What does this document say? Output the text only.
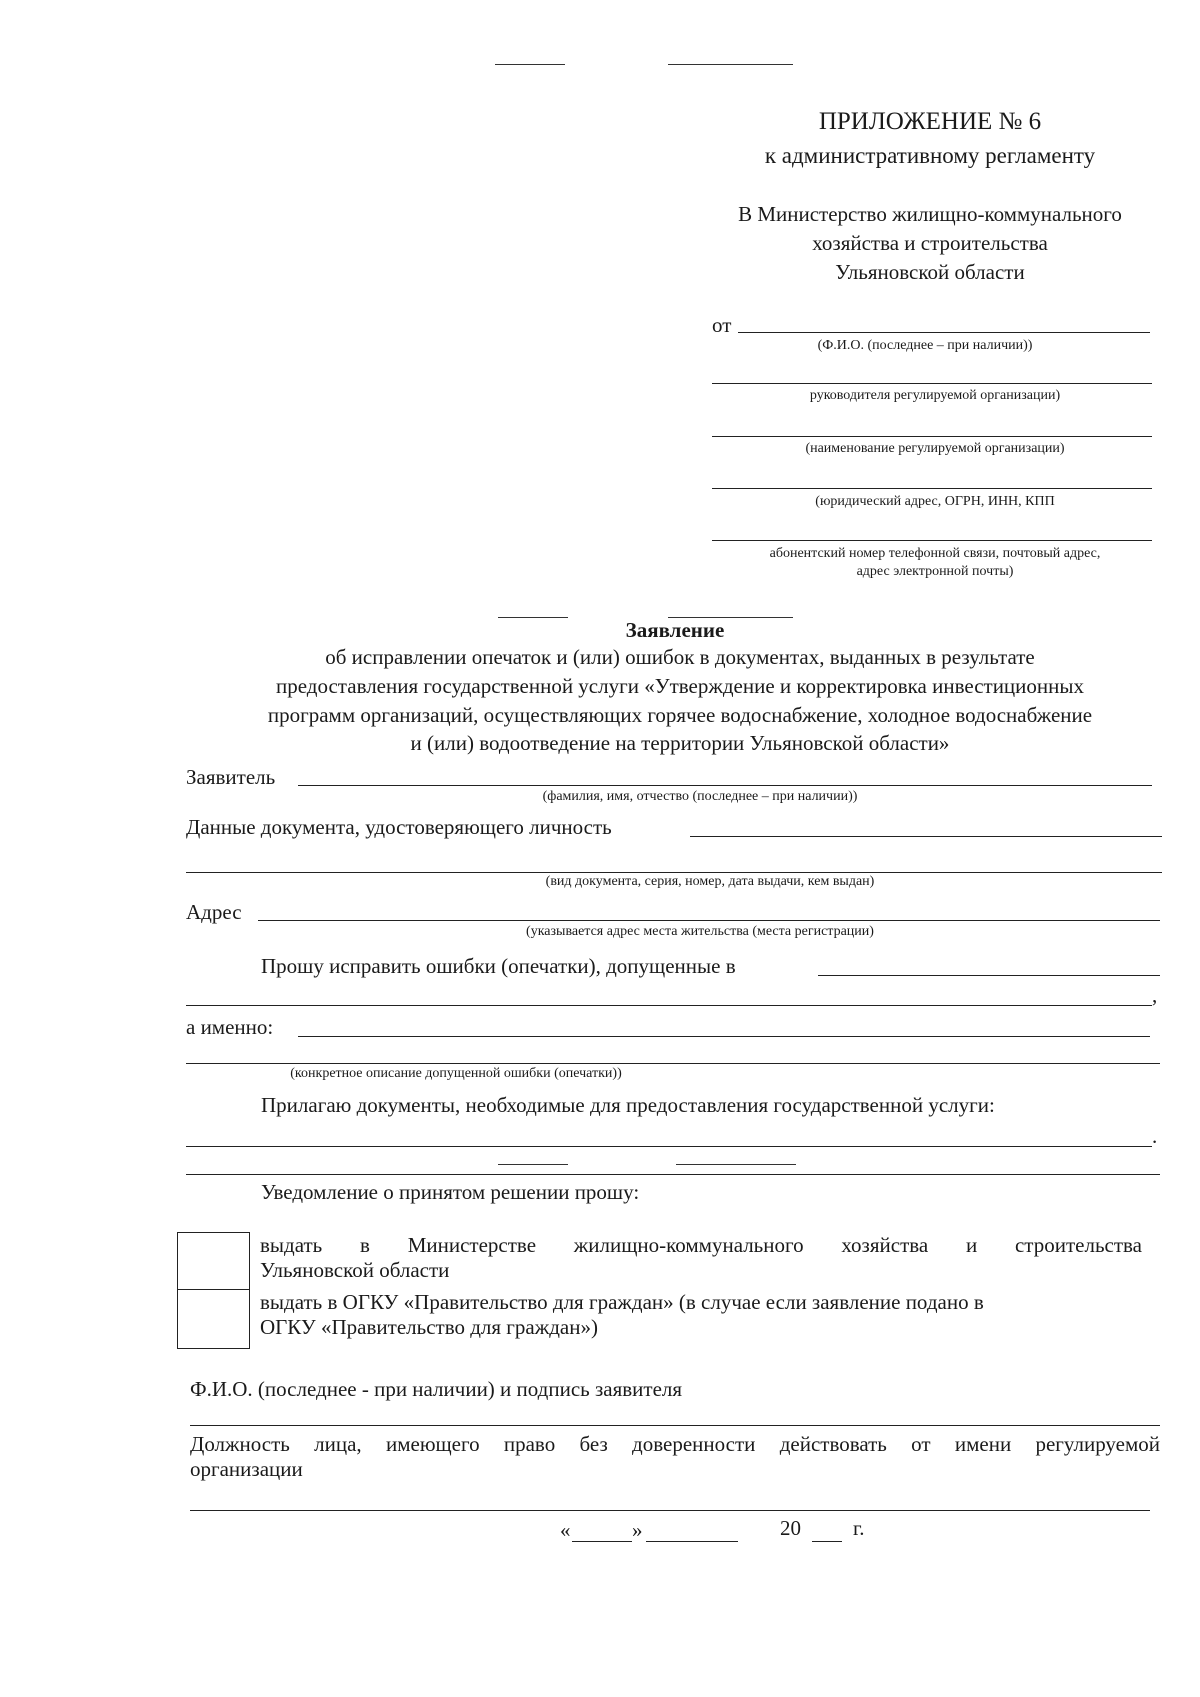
ПРИЛОЖЕНИЕ № 6
к административному регламенту
В Министерство жилищно-коммунального
хозяйства и строительства
Ульяновской области
от
(Ф.И.О. (последнее – при наличии))
руководителя регулируемой организации)
(наименование регулируемой организации)
(юридический адрес, ОГРН, ИНН, КПП
абонентский номер телефонной связи, почтовый адрес,
адрес электронной почты)
Заявление
об исправлении опечаток и (или) ошибок в документах, выданных в результате
предоставления государственной услуги «Утверждение и корректировка инвестиционных
программ организаций, осуществляющих горячее водоснабжение, холодное водоснабжение
и (или) водоотведение на территории Ульяновской области»
Заявитель
(фамилия, имя, отчество (последнее – при наличии))
Данные документа, удостоверяющего личность
(вид документа, серия, номер, дата выдачи, кем выдан)
Адрес
(указывается адрес места жительства (места регистрации)
Прошу исправить ошибки (опечатки), допущенные в
,
а именно:
(конкретное описание допущенной ошибки (опечатки))
Прилагаю документы, необходимые для предоставления государственной услуги:
.
Уведомление о принятом решении прошу:
выдать в Министерстве жилищно-коммунального хозяйства и строительства
Ульяновской области
выдать в ОГКУ «Правительство для граждан» (в случае если заявление подано в
ОГКУ «Правительство для граждан»)
Ф.И.О. (последнее - при наличии) и подпись заявителя
Должность лица, имеющего право без доверенности действовать от имени регулируемой
организации
«	»	20 г.
